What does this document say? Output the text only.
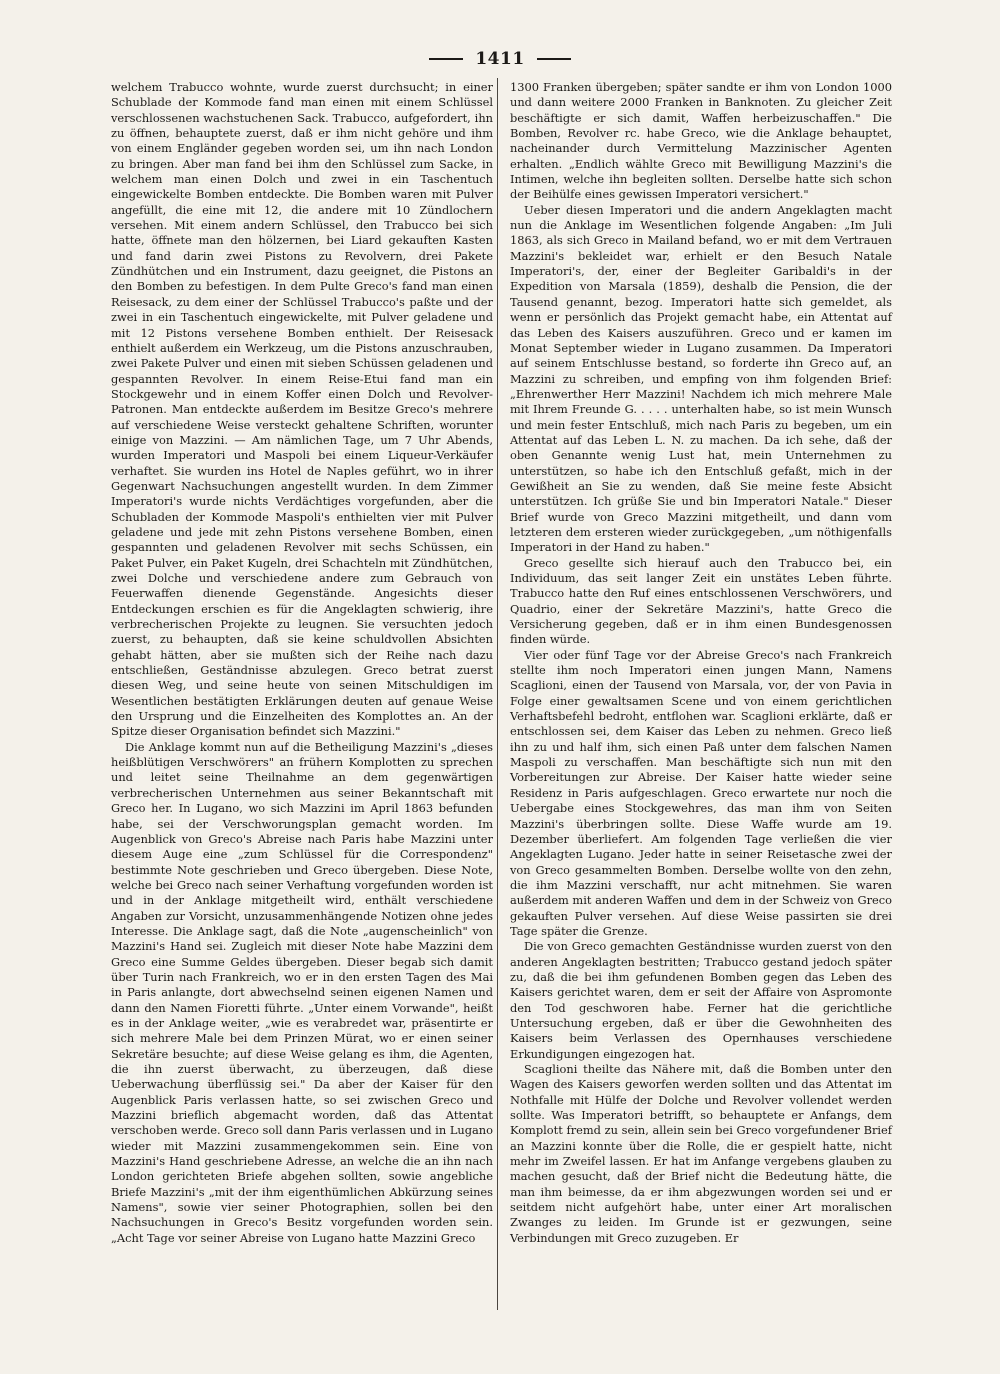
1411

welchem Trabucco wohnte, wurde zuerst durchsucht; in einer Schublade der Kommode fand man einen mit einem Schlüssel verschlossenen wachstuchenen Sack. Trabucco, aufgefordert, ihn zu öffnen, behauptete zuerst, daß er ihm nicht gehöre und ihm von einem Engländer gegeben worden sei, um ihn nach London zu bringen. Aber man fand bei ihm den Schlüssel zum Sacke, in welchem man einen Dolch und zwei in ein Taschentuch eingewickelte Bomben entdeckte. Die Bomben waren mit Pulver angefüllt, die eine mit 12, die andere mit 10 Zündlochern versehen. Mit einem andern Schlüssel, den Trabucco bei sich hatte, öffnete man den hölzernen, bei Liard gekauften Kasten und fand darin zwei Pistons zu Revolvern, drei Pakete Zündhütchen und ein Instrument, dazu geeignet, die Pistons an den Bomben zu befestigen. In dem Pulte Greco's fand man einen Reisesack, zu dem einer der Schlüssel Trabucco's paßte und der zwei in ein Taschentuch eingewickelte, mit Pulver geladene und mit 12 Pistons versehene Bomben enthielt. Der Reisesack enthielt außerdem ein Werkzeug, um die Pistons anzuschrauben, zwei Pakete Pulver und einen mit sieben Schüssen geladenen und gespannten Revolver. In einem Reise-Etui fand man ein Stockgewehr und in einem Koffer einen Dolch und Revolver-Patronen. Man entdeckte außerdem im Besitze Greco's mehrere auf verschiedene Weise versteckt gehaltene Schriften, worunter einige von Mazzini. — Am nämlichen Tage, um 7 Uhr Abends, wurden Imperatori und Maspoli bei einem Liqueur-Verkäufer verhaftet. Sie wurden ins Hotel de Naples geführt, wo in ihrer Gegenwart Nachsuchungen angestellt wurden. In dem Zimmer Imperatori's wurde nichts Verdächtiges vorgefunden, aber die Schubladen der Kommode Maspoli's enthielten vier mit Pulver geladene und jede mit zehn Pistons versehene Bomben, einen gespannten und geladenen Revolver mit sechs Schüssen, ein Paket Pulver, ein Paket Kugeln, drei Schachteln mit Zündhütchen, zwei Dolche und verschiedene andere zum Gebrauch von Feuerwaffen dienende Gegenstände. Angesichts dieser Entdeckungen erschien es für die Angeklagten schwierig, ihre verbrecherischen Projekte zu leugnen. Sie versuchten jedoch zuerst, zu behaupten, daß sie keine schuldvollen Absichten gehabt hätten, aber sie mußten sich der Reihe nach dazu entschließen, Geständnisse abzulegen. Greco betrat zuerst diesen Weg, und seine heute von seinen Mitschuldigen im Wesentlichen bestätigten Erklärungen deuten auf genaue Weise den Ursprung und die Einzelheiten des Komplottes an. An der Spitze dieser Organisation befindet sich Mazzini."

Die Anklage kommt nun auf die Betheiligung Mazzini's „dieses heißblütigen Verschwörers" an frühern Komplotten zu sprechen und leitet seine Theilnahme an dem gegenwärtigen verbrecherischen Unternehmen aus seiner Bekanntschaft mit Greco her. In Lugano, wo sich Mazzini im April 1863 befunden habe, sei der Verschworungsplan gemacht worden. Im Augenblick von Greco's Abreise nach Paris habe Mazzini unter diesem Auge eine „zum Schlüssel für die Correspondenz" bestimmte Note geschrieben und Greco übergeben. Diese Note, welche bei Greco nach seiner Verhaftung vorgefunden worden ist und in der Anklage mitgetheilt wird, enthält verschiedene Angaben zur Vorsicht, unzusammenhängende Notizen ohne jedes Interesse. Die Anklage sagt, daß die Note „augenscheinlich" von Mazzini's Hand sei. Zugleich mit dieser Note habe Mazzini dem Greco eine Summe Geldes übergeben. Dieser begab sich damit über Turin nach Frankreich, wo er in den ersten Tagen des Mai in Paris anlangte, dort abwechselnd seinen eigenen Namen und dann den Namen Fioretti führte. „Unter einem Vorwande", heißt es in der Anklage weiter, „wie es verabredet war, präsentirte er sich mehrere Male bei dem Prinzen Mürat, wo er einen seiner Sekretäre besuchte; auf diese Weise gelang es ihm, die Agenten, die ihn zuerst überwacht, zu überzeugen, daß diese Ueberwachung überflüssig sei." Da aber der Kaiser für den Augenblick Paris verlassen hatte, so sei zwischen Greco und Mazzini brieflich abgemacht worden, daß das Attentat verschoben werde. Greco soll dann Paris verlassen und in Lugano wieder mit Mazzini zusammengekommen sein. Eine von Mazzini's Hand geschriebene Adresse, an welche die an ihn nach London gerichteten Briefe abgehen sollten, sowie angebliche Briefe Mazzini's „mit der ihm eigenthümlichen Abkürzung seines Namens", sowie vier seiner Photographien, sollen bei den Nachsuchungen in Greco's Besitz vorgefunden worden sein. „Acht Tage vor seiner Abreise von Lugano hatte Mazzini Greco

1300 Franken übergeben; später sandte er ihm von London 1000 und dann weitere 2000 Franken in Banknoten. Zu gleicher Zeit beschäftigte er sich damit, Waffen herbeizuschaffen." Die Bomben, Revolver rc. habe Greco, wie die Anklage behauptet, nacheinander durch Vermittelung Mazzinischer Agenten erhalten. „Endlich wählte Greco mit Bewilligung Mazzini's die Intimen, welche ihn begleiten sollten. Derselbe hatte sich schon der Beihülfe eines gewissen Imperatori versichert."

Ueber diesen Imperatori und die andern Angeklagten macht nun die Anklage im Wesentlichen folgende Angaben: „Im Juli 1863, als sich Greco in Mailand befand, wo er mit dem Vertrauen Mazzini's bekleidet war, erhielt er den Besuch Natale Imperatori's, der, einer der Begleiter Garibaldi's in der Expedition von Marsala (1859), deshalb die Pension, die der Tausend genannt, bezog. Imperatori hatte sich gemeldet, als wenn er persönlich das Projekt gemacht habe, ein Attentat auf das Leben des Kaisers auszuführen. Greco und er kamen im Monat September wieder in Lugano zusammen. Da Imperatori auf seinem Entschlusse bestand, so forderte ihn Greco auf, an Mazzini zu schreiben, und empfing von ihm folgenden Brief: „Ehrenwerther Herr Mazzini! Nachdem ich mich mehrere Male mit Ihrem Freunde G. . . . . unterhalten habe, so ist mein Wunsch und mein fester Entschluß, mich nach Paris zu begeben, um ein Attentat auf das Leben L. N. zu machen. Da ich sehe, daß der oben Genannte wenig Lust hat, mein Unternehmen zu unterstützen, so habe ich den Entschluß gefaßt, mich in der Gewißheit an Sie zu wenden, daß Sie meine feste Absicht unterstützen. Ich grüße Sie und bin Imperatori Natale." Dieser Brief wurde von Greco Mazzini mitgetheilt, und dann vom letzteren dem ersteren wieder zurückgegeben, „um nöthigenfalls Imperatori in der Hand zu haben."

Greco gesellte sich hierauf auch den Trabucco bei, ein Individuum, das seit langer Zeit ein unstätes Leben führte. Trabucco hatte den Ruf eines entschlossenen Verschwörers, und Quadrio, einer der Sekretäre Mazzini's, hatte Greco die Versicherung gegeben, daß er in ihm einen Bundesgenossen finden würde.

Vier oder fünf Tage vor der Abreise Greco's nach Frankreich stellte ihm noch Imperatori einen jungen Mann, Namens Scaglioni, einen der Tausend von Marsala, vor, der von Pavia in Folge einer gewaltsamen Scene und von einem gerichtlichen Verhaftsbefehl bedroht, entflohen war. Scaglioni erklärte, daß er entschlossen sei, dem Kaiser das Leben zu nehmen. Greco ließ ihn zu und half ihm, sich einen Paß unter dem falschen Namen Maspoli zu verschaffen. Man beschäftigte sich nun mit den Vorbereitungen zur Abreise. Der Kaiser hatte wieder seine Residenz in Paris aufgeschlagen. Greco erwartete nur noch die Uebergabe eines Stockgewehres, das man ihm von Seiten Mazzini's überbringen sollte. Diese Waffe wurde am 19. Dezember überliefert. Am folgenden Tage verließen die vier Angeklagten Lugano. Jeder hatte in seiner Reisetasche zwei der von Greco gesammelten Bomben. Derselbe wollte von den zehn, die ihm Mazzini verschafft, nur acht mitnehmen. Sie waren außerdem mit anderen Waffen und dem in der Schweiz von Greco gekauften Pulver versehen. Auf diese Weise passirten sie drei Tage später die Grenze.

Die von Greco gemachten Geständnisse wurden zuerst von den anderen Angeklagten bestritten; Trabucco gestand jedoch später zu, daß die bei ihm gefundenen Bomben gegen das Leben des Kaisers gerichtet waren, dem er seit der Affaire von Aspromonte den Tod geschworen habe. Ferner hat die gerichtliche Untersuchung ergeben, daß er über die Gewohnheiten des Kaisers beim Verlassen des Opernhauses verschiedene Erkundigungen eingezogen hat.

Scaglioni theilte das Nähere mit, daß die Bomben unter den Wagen des Kaisers geworfen werden sollten und das Attentat im Nothfalle mit Hülfe der Dolche und Revolver vollendet werden sollte. Was Imperatori betrifft, so behauptete er Anfangs, dem Komplott fremd zu sein, allein sein bei Greco vorgefundener Brief an Mazzini konnte über die Rolle, die er gespielt hatte, nicht mehr im Zweifel lassen. Er hat im Anfange vergebens glauben zu machen gesucht, daß der Brief nicht die Bedeutung hätte, die man ihm beimesse, da er ihm abgezwungen worden sei und er seitdem nicht aufgehört habe, unter einer Art moralischen Zwanges zu leiden. Im Grunde ist er gezwungen, seine Verbindungen mit Greco zuzugeben. Er
